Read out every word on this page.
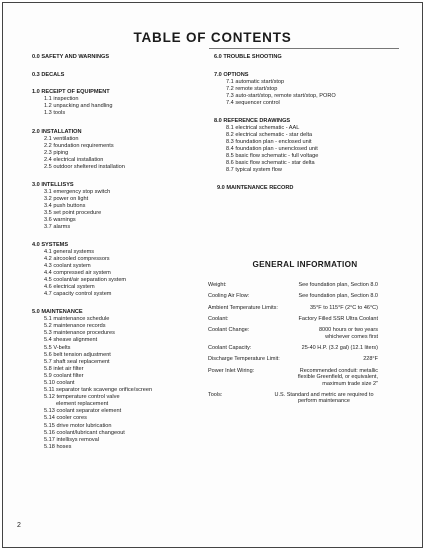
TABLE OF CONTENTS
0.0 SAFETY AND WARNINGS
0.3 DECALS
1.0 RECEIPT OF EQUIPMENT
1.1 inspection
1.2 unpacking and handling
1.3 tools
2.0 INSTALLATION
2.1 ventilation
2.2 foundation requirements
2.3 piping
2.4 electrical installation
2.5 outdoor sheltered installation
3.0 INTELLISYS
3.1 emergency stop switch
3.2 power on light
3.4 push buttons
3.5 set point procedure
3.6 warnings
3.7 alarms
4.0 SYSTEMS
4.1 general systems
4.2 aircooled compressors
4.3 coolant system
4.4 compressed air system
4.5 coolant/air separation system
4.6 electrical system
4.7 capacity control system
5.0 MAINTENANCE
5.1 maintenance schedule
5.2 maintenance records
5.3 maintenance procedures
5.4 sheave alignment
5.5 V-belts
5.6 belt tension adjustment
5.7 shaft seal replacement
5.8 inlet air filter
5.9 coolant filter
5.10 coolant
5.11 separator tank scavenge orifice/screen
5.12 temperature control valve
element replacement
5.13 coolant separator element
5.14 cooler cores
5.15 drive motor lubrication
5.16 coolant/lubricant changeout
5.17 intellisys removal
5.18 hoses
6.0 TROUBLE SHOOTING
7.0 OPTIONS
7.1 automatic start/stop
7.2 remote start/stop
7.3 auto-start/stop, remote start/stop, PORO
7.4 sequencer control
8.0 REFERENCE DRAWINGS
8.1 electrical schematic - AAL
8.2 electrical schematic - star delta
8.3 foundation plan - enclosed unit
8.4 foundation plan - unenclosed unit
8.5 basic flow schematic - full voltage
8.6 basic flow schematic - star delta
8.7 typical system flow
9.0 MAINTENANCE RECORD
GENERAL INFORMATION
Weight:	See foundation plan, Section 8.0
Cooling Air Flow:	See foundation plan, Section 8.0
Ambient Temperature Limits:	35°F to 115°F (2°C to 46°C)
Coolant:	Factory Filled SSR Ultra Coolant
Coolant Change:	8000 hours or two years whichever comes first
Coolant Capacity:	25-40 H.P. (3.2 gal) (12.1 liters)
Discharge Temperature Limit:	228°F
Power Inlet Wiring:	Recommended conduit: metallic flexible Greenfield, or equivalent, maximum trade size 2"
Tools:	U.S. Standard and metric are required to perform maintenance
2
